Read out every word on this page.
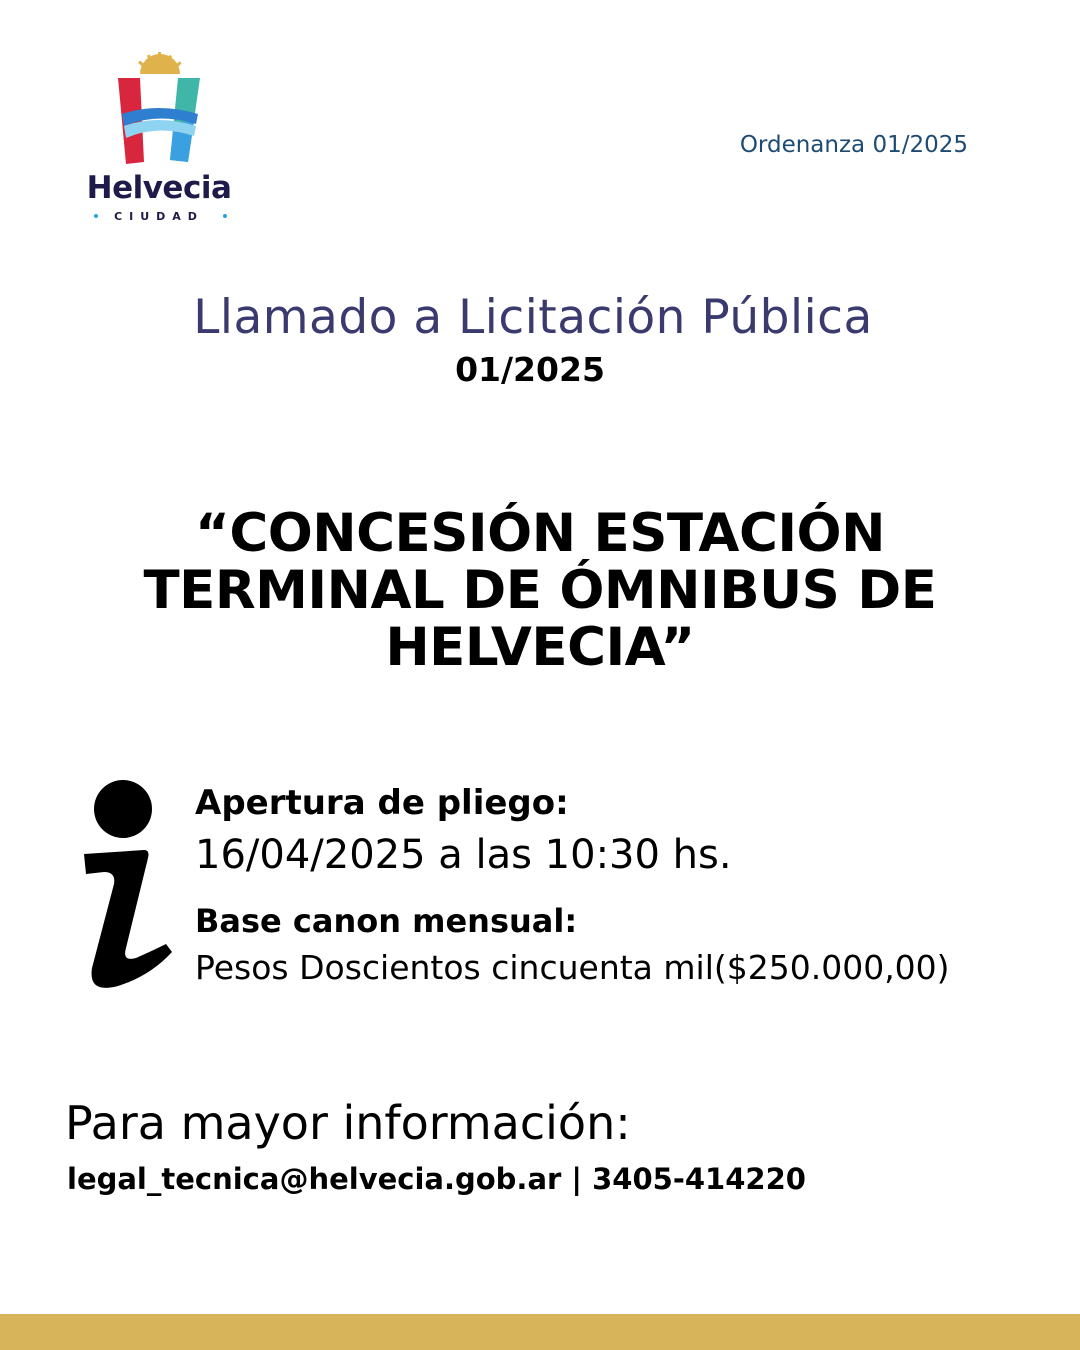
Helvecia
CIUDAD
Ordenanza 01/2025
Llamado a Licitación Pública
01/2025
“CONCESIÓN ESTACIÓN
TERMINAL DE ÓMNIBUS DE
HELVECIA”
Apertura de pliego:
16/04/2025 a las 10:30 hs.
Base canon mensual:
Pesos Doscientos cincuenta mil($250.000,00)
Para mayor información:
legal_tecnica@helvecia.gob.ar | 3405-414220
